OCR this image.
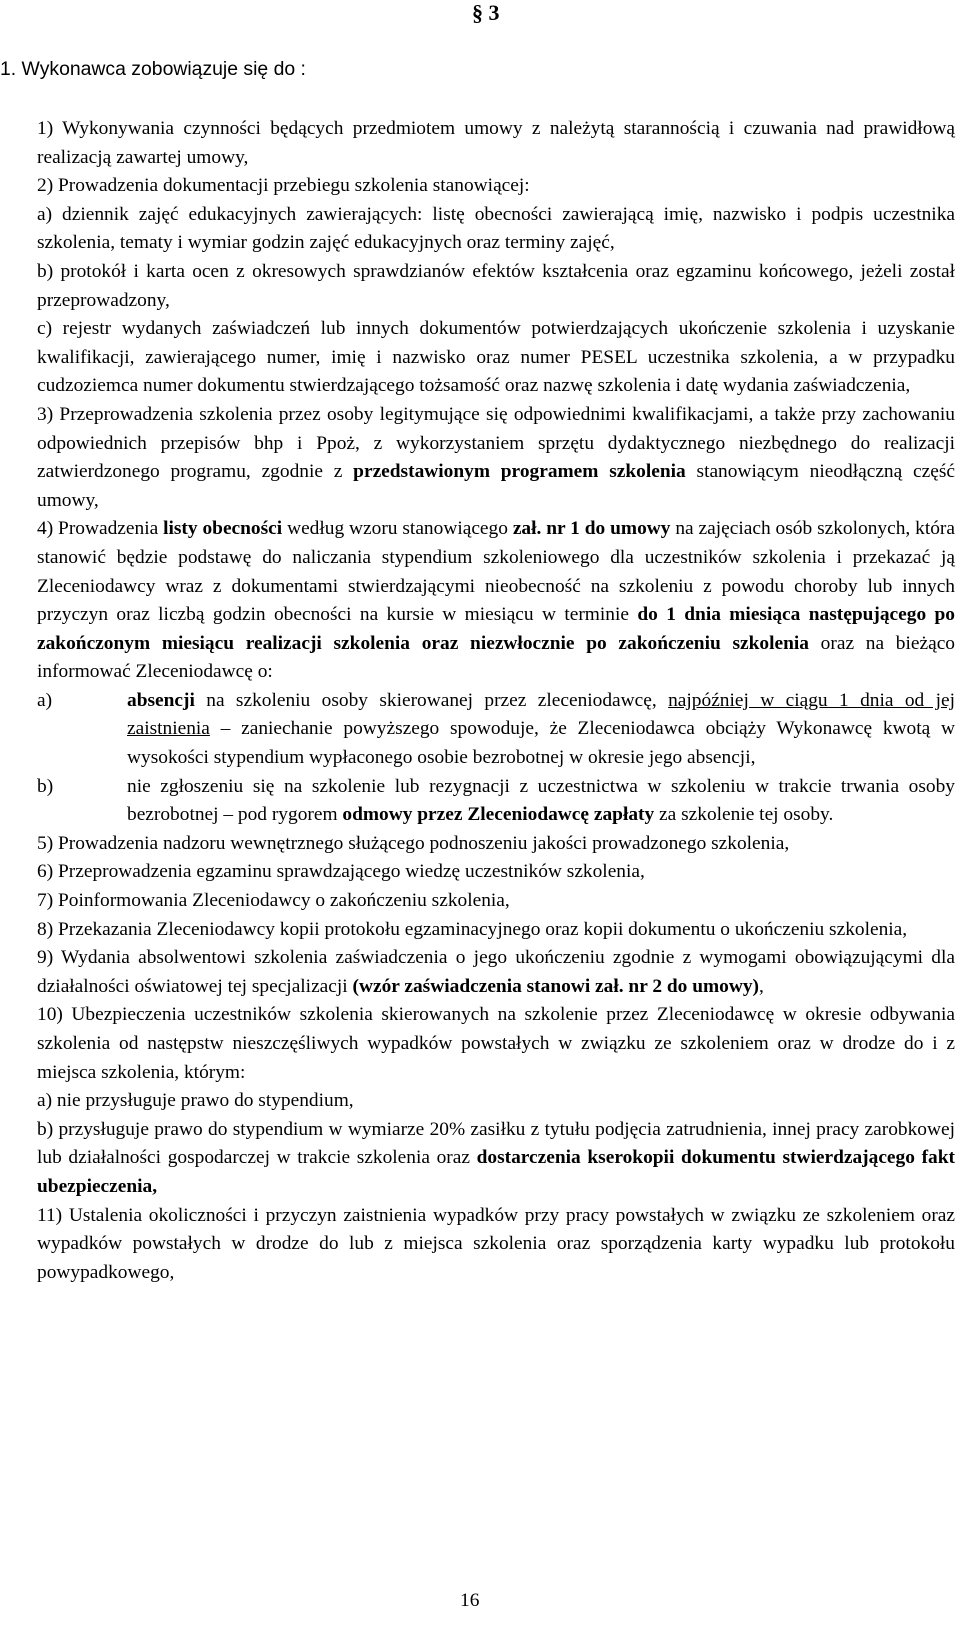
§ 3
1. Wykonawca zobowiązuje się do :

1) Wykonywania czynności będących przedmiotem umowy z należytą starannością i czuwania nad prawidłową realizacją zawartej umowy,

2) Prowadzenia dokumentacji przebiegu szkolenia stanowiącej:

a) dziennik zajęć edukacyjnych zawierających: listę obecności zawierającą imię, nazwisko i podpis uczestnika szkolenia, tematy i wymiar godzin zajęć edukacyjnych oraz terminy zajęć,

b) protokół i karta ocen z okresowych sprawdzianów efektów kształcenia oraz egzaminu końcowego, jeżeli został przeprowadzony,

c) rejestr wydanych zaświadczeń lub innych dokumentów potwierdzających ukończenie szkolenia i uzyskanie kwalifikacji, zawierającego numer, imię i nazwisko oraz numer PESEL uczestnika szkolenia, a w przypadku cudzoziemca numer dokumentu stwierdzającego tożsamość oraz nazwę szkolenia i datę wydania zaświadczenia,

3) Przeprowadzenia szkolenia przez osoby legitymujące się odpowiednimi kwalifikacjami, a także przy zachowaniu odpowiednich przepisów bhp i Ppoż, z wykorzystaniem sprzętu dydaktycznego niezbędnego do realizacji zatwierdzonego programu, zgodnie z przedstawionym programem szkolenia stanowiącym nieodłączną część umowy,

4) Prowadzenia listy obecności według wzoru stanowiącego zał. nr 1 do umowy na zajęciach osób szkolonych, która stanowić będzie podstawę do naliczania stypendium szkoleniowego dla uczestników szkolenia i przekazać ją Zleceniodawcy wraz z dokumentami stwierdzającymi nieobecność na szkoleniu z powodu choroby lub innych przyczyn oraz liczbą godzin obecności na kursie w miesiącu w terminie do 1 dnia miesiąca następującego po zakończonym miesiącu realizacji szkolenia oraz niezwłocznie po zakończeniu szkolenia oraz na bieżąco informować Zleceniodawcę o:

a)	absencji na szkoleniu osoby skierowanej przez zleceniodawcę, najpóźniej w ciągu 1 dnia od jej zaistnienia – zaniechanie powyższego spowoduje, że Zleceniodawca obciąży Wykonawcę kwotą w wysokości stypendium wypłaconego osobie bezrobotnej w okresie jego absencji,

b)	nie zgłoszeniu się na szkolenie lub rezygnacji z uczestnictwa w szkoleniu w trakcie trwania osoby bezrobotnej – pod rygorem odmowy przez Zleceniodawcę zapłaty za szkolenie tej osoby.

5) Prowadzenia nadzoru wewnętrznego służącego podnoszeniu jakości prowadzonego szkolenia,

6) Przeprowadzenia egzaminu sprawdzającego wiedzę uczestników szkolenia,

7) Poinformowania Zleceniodawcy o zakończeniu szkolenia,

8) Przekazania Zleceniodawcy kopii protokołu egzaminacyjnego oraz kopii dokumentu o ukończeniu szkolenia,

9) Wydania absolwentowi szkolenia zaświadczenia o jego ukończeniu zgodnie z wymogami obowiązującymi dla działalności oświatowej tej specjalizacji (wzór zaświadczenia stanowi zał. nr 2 do umowy),

10) Ubezpieczenia uczestników szkolenia skierowanych na szkolenie przez Zleceniodawcę w okresie odbywania szkolenia od następstw nieszczęśliwych wypadków powstałych w związku ze szkoleniem oraz w drodze do i z miejsca szkolenia, którym:

a) nie przysługuje prawo do stypendium,

b) przysługuje prawo do stypendium w wymiarze 20% zasiłku z tytułu podjęcia zatrudnienia, innej pracy zarobkowej lub działalności gospodarczej w trakcie szkolenia oraz dostarczenia kserokopii dokumentu stwierdzającego fakt ubezpieczenia,

11) Ustalenia okoliczności i przyczyn zaistnienia wypadków przy pracy powstałych w związku ze szkoleniem oraz wypadków powstałych w drodze do lub z miejsca szkolenia oraz sporządzenia karty wypadku lub protokołu powypadkowego,

16
